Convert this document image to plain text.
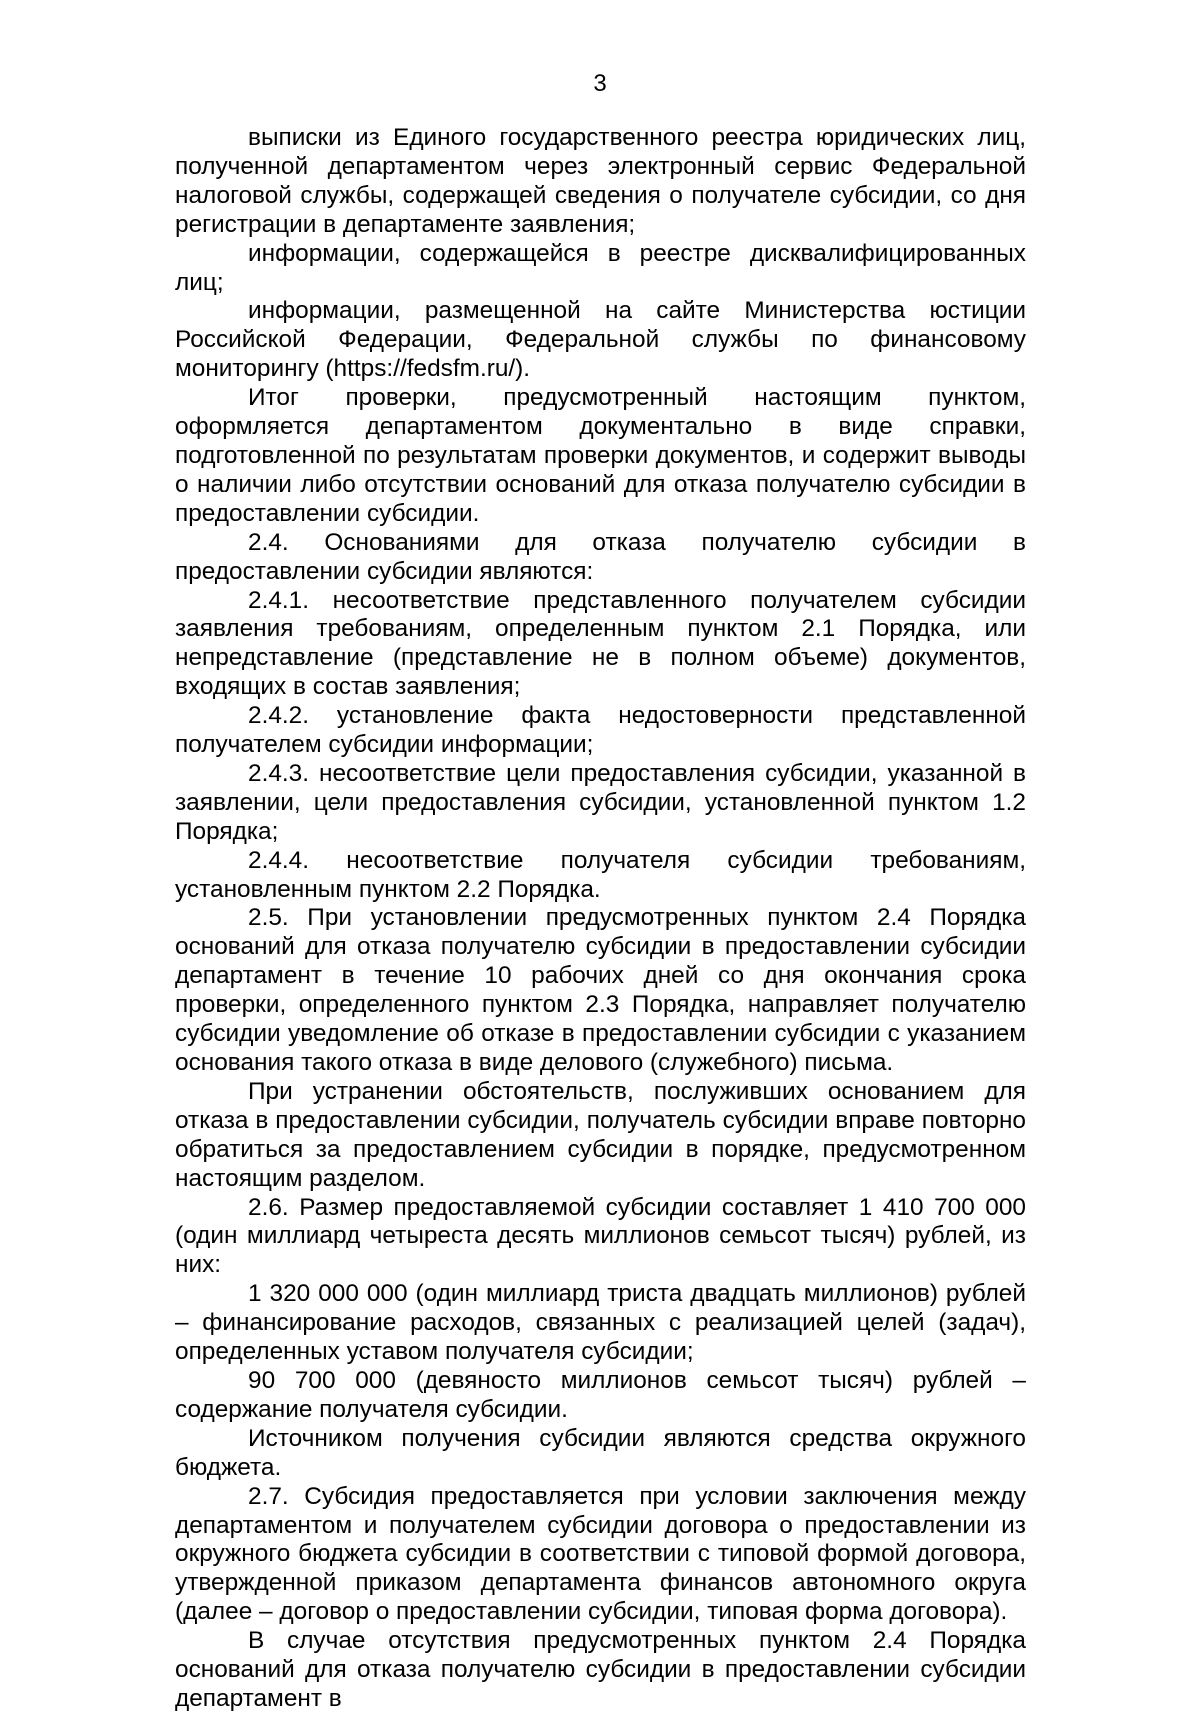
3

выписки из Единого государственного реестра юридических лиц, полученной департаментом через электронный сервис Федеральной налоговой службы, содержащей сведения о получателе субсидии, со дня регистрации в департаменте заявления;

информации, содержащейся в реестре дисквалифицированных лиц;

информации, размещенной на сайте Министерства юстиции Российской Федерации, Федеральной службы по финансовому мониторингу (https://fedsfm.ru/).

Итог проверки, предусмотренный настоящим пунктом, оформляется департаментом документально в виде справки, подготовленной по результатам проверки документов, и содержит выводы о наличии либо отсутствии оснований для отказа получателю субсидии в предоставлении субсидии.

2.4. Основаниями для отказа получателю субсидии в предоставлении субсидии являются:

2.4.1. несоответствие представленного получателем субсидии заявления требованиям, определенным пунктом 2.1 Порядка, или непредставление (представление не в полном объеме) документов, входящих в состав заявления;

2.4.2. установление факта недостоверности представленной получателем субсидии информации;

2.4.3. несоответствие цели предоставления субсидии, указанной в заявлении, цели предоставления субсидии, установленной пунктом 1.2 Порядка;

2.4.4. несоответствие получателя субсидии требованиям, установленным пунктом 2.2 Порядка.

2.5. При установлении предусмотренных пунктом 2.4 Порядка оснований для отказа получателю субсидии в предоставлении субсидии департамент в течение 10 рабочих дней со дня окончания срока проверки, определенного пунктом 2.3 Порядка, направляет получателю субсидии уведомление об отказе в предоставлении субсидии с указанием основания такого отказа в виде делового (служебного) письма.

При устранении обстоятельств, послуживших основанием для отказа в предоставлении субсидии, получатель субсидии вправе повторно обратиться за предоставлением субсидии в порядке, предусмотренном настоящим разделом.

2.6. Размер предоставляемой субсидии составляет 1 410 700 000 (один миллиард четыреста десять миллионов семьсот тысяч) рублей, из них:

1 320 000 000 (один миллиард триста двадцать миллионов) рублей – финансирование расходов, связанных с реализацией целей (задач), определенных уставом получателя субсидии;

90 700 000 (девяносто миллионов семьсот тысяч) рублей – содержание получателя субсидии.

Источником получения субсидии являются средства окружного бюджета.

2.7. Субсидия предоставляется при условии заключения между департаментом и получателем субсидии договора о предоставлении из окружного бюджета субсидии в соответствии с типовой формой договора, утвержденной приказом департамента финансов автономного округа (далее – договор о предоставлении субсидии, типовая форма договора).

В случае отсутствия предусмотренных пунктом 2.4 Порядка оснований для отказа получателю субсидии в предоставлении субсидии департамент в
